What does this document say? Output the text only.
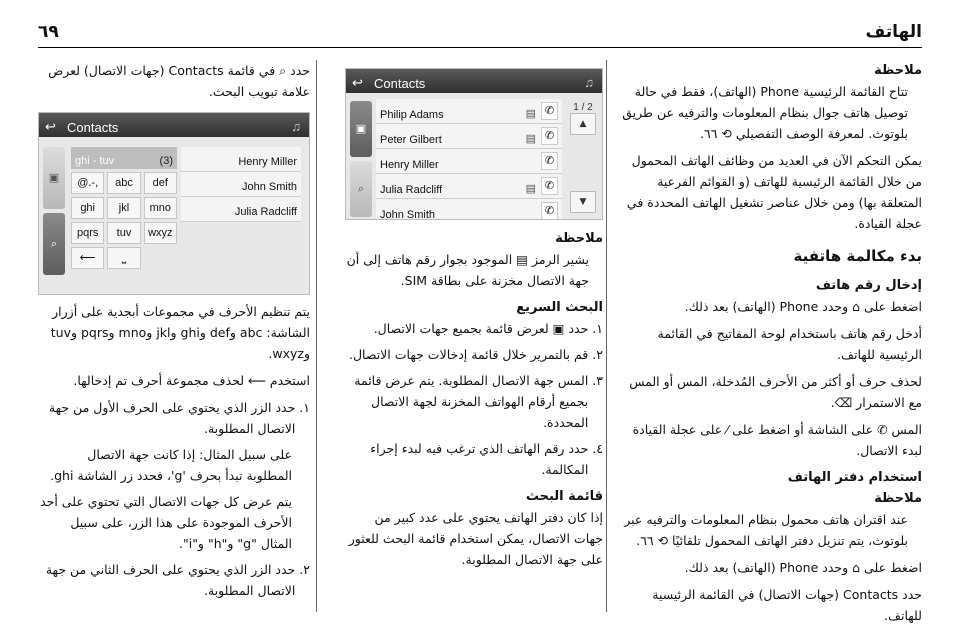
الهاتف
٦٩
ملاحظة

تتاح القائمة الرئيسية Phone (الهاتف)، فقط في حالة توصيل هاتف جوال بنظام المعلومات والترفيه عن طريق بلوتوث. لمعرفة الوصف التفصيلي ⟲ ٦٦.

يمكن التحكم الآن في العديد من وظائف الهاتف المحمول من خلال القائمة الرئيسية للهاتف (و القوائم الفرعية المتعلقة بها) ومن خلال عناصر تشغيل الهاتف المحددة في عجلة القيادة.

بدء مكالمة هاتفية
إدخال رقم هاتف

اضغط على ⌂ وحدد Phone (الهاتف) بعد ذلك.

أدخل رقم هاتف باستخدام لوحة المفاتيح في القائمة الرئيسية للهاتف.

لحذف حرف أو أكثر من الأحرف المُدخلة، المس أو المس مع الاستمرار ⌫.

المس ✆ على الشاشة أو اضغط على ⁄ على عجلة القيادة لبدء الاتصال.

استخدام دفتر الهاتف
ملاحظة

عند اقتران هاتف محمول بنظام المعلومات والترفيه عبر بلوتوث، يتم تنزيل دفتر الهاتف المحمول تلقائيًا ⟲ ٦٦.

اضغط على ⌂ وحدد Phone (الهاتف) بعد ذلك.

حدد Contacts (جهات الاتصال) في القائمة الرئيسية للهاتف.

↩ Contacts	♫
▣
⌕
Philip Adams	▤ ✆
Peter Gilbert	▤ ✆
Henry Miller	✆
Julia Radcliff	▤ ✆
John Smith	✆
1 / 2
▲
▼
ملاحظة

يشير الرمز ▤ الموجود بجوار رقم هاتف إلى أن جهة الاتصال مخزنة على بطاقة SIM.

البحث السريع
١.
حدد ▣ لعرض قائمة بجميع جهات الاتصال.
٢.
قم بالتمرير خلال قائمة إدخالات جهات الاتصال.
٣.
المس جهة الاتصال المطلوبة. يتم عرض قائمة بجميع أرقام الهواتف المخزنة لجهة الاتصال المحددة.
٤.
حدد رقم الهاتف الذي ترغب فيه لبدء إجراء المكالمة.
قائمة البحث

إذا كان دفتر الهاتف يحتوي على عدد كبير من جهات الاتصال، يمكن استخدام قائمة البحث للعثور على جهة الاتصال المطلوبة.

حدد ⌕ في قائمة Contacts (جهات الاتصال) لعرض علامة تبويب البحث.

↩ Contacts	♫
▣
⌕
ghi - tuv	(3)
@.-,	abc	def
ghi	jkl	mno
pqrs	tuv	wxyz
⟵	⎵
Henry Miller
John Smith
Julia Radcliff

يتم تنظيم الأحرف في مجموعات أبجدية على أزرار الشاشة: abc وdef وghi وjkl وmno وpqrs وtuv وwxyz.

استخدم ⟵ لحذف مجموعة أحرف تم إدخالها.

١.
حدد الزر الذي يحتوي على الحرف الأول من جهة الاتصال المطلوبة.
على سبيل المثال: إذا كانت جهة الاتصال المطلوبة تبدأ بحرف 'g'، فحدد زر الشاشة ghi.
يتم عرض كل جهات الاتصال التي تحتوي على أحد الأحرف الموجودة على هذا الزر، على سبيل المثال "g" و"h" و"i".
٢.
حدد الزر الذي يحتوي على الحرف الثاني من جهة الاتصال المطلوبة.
